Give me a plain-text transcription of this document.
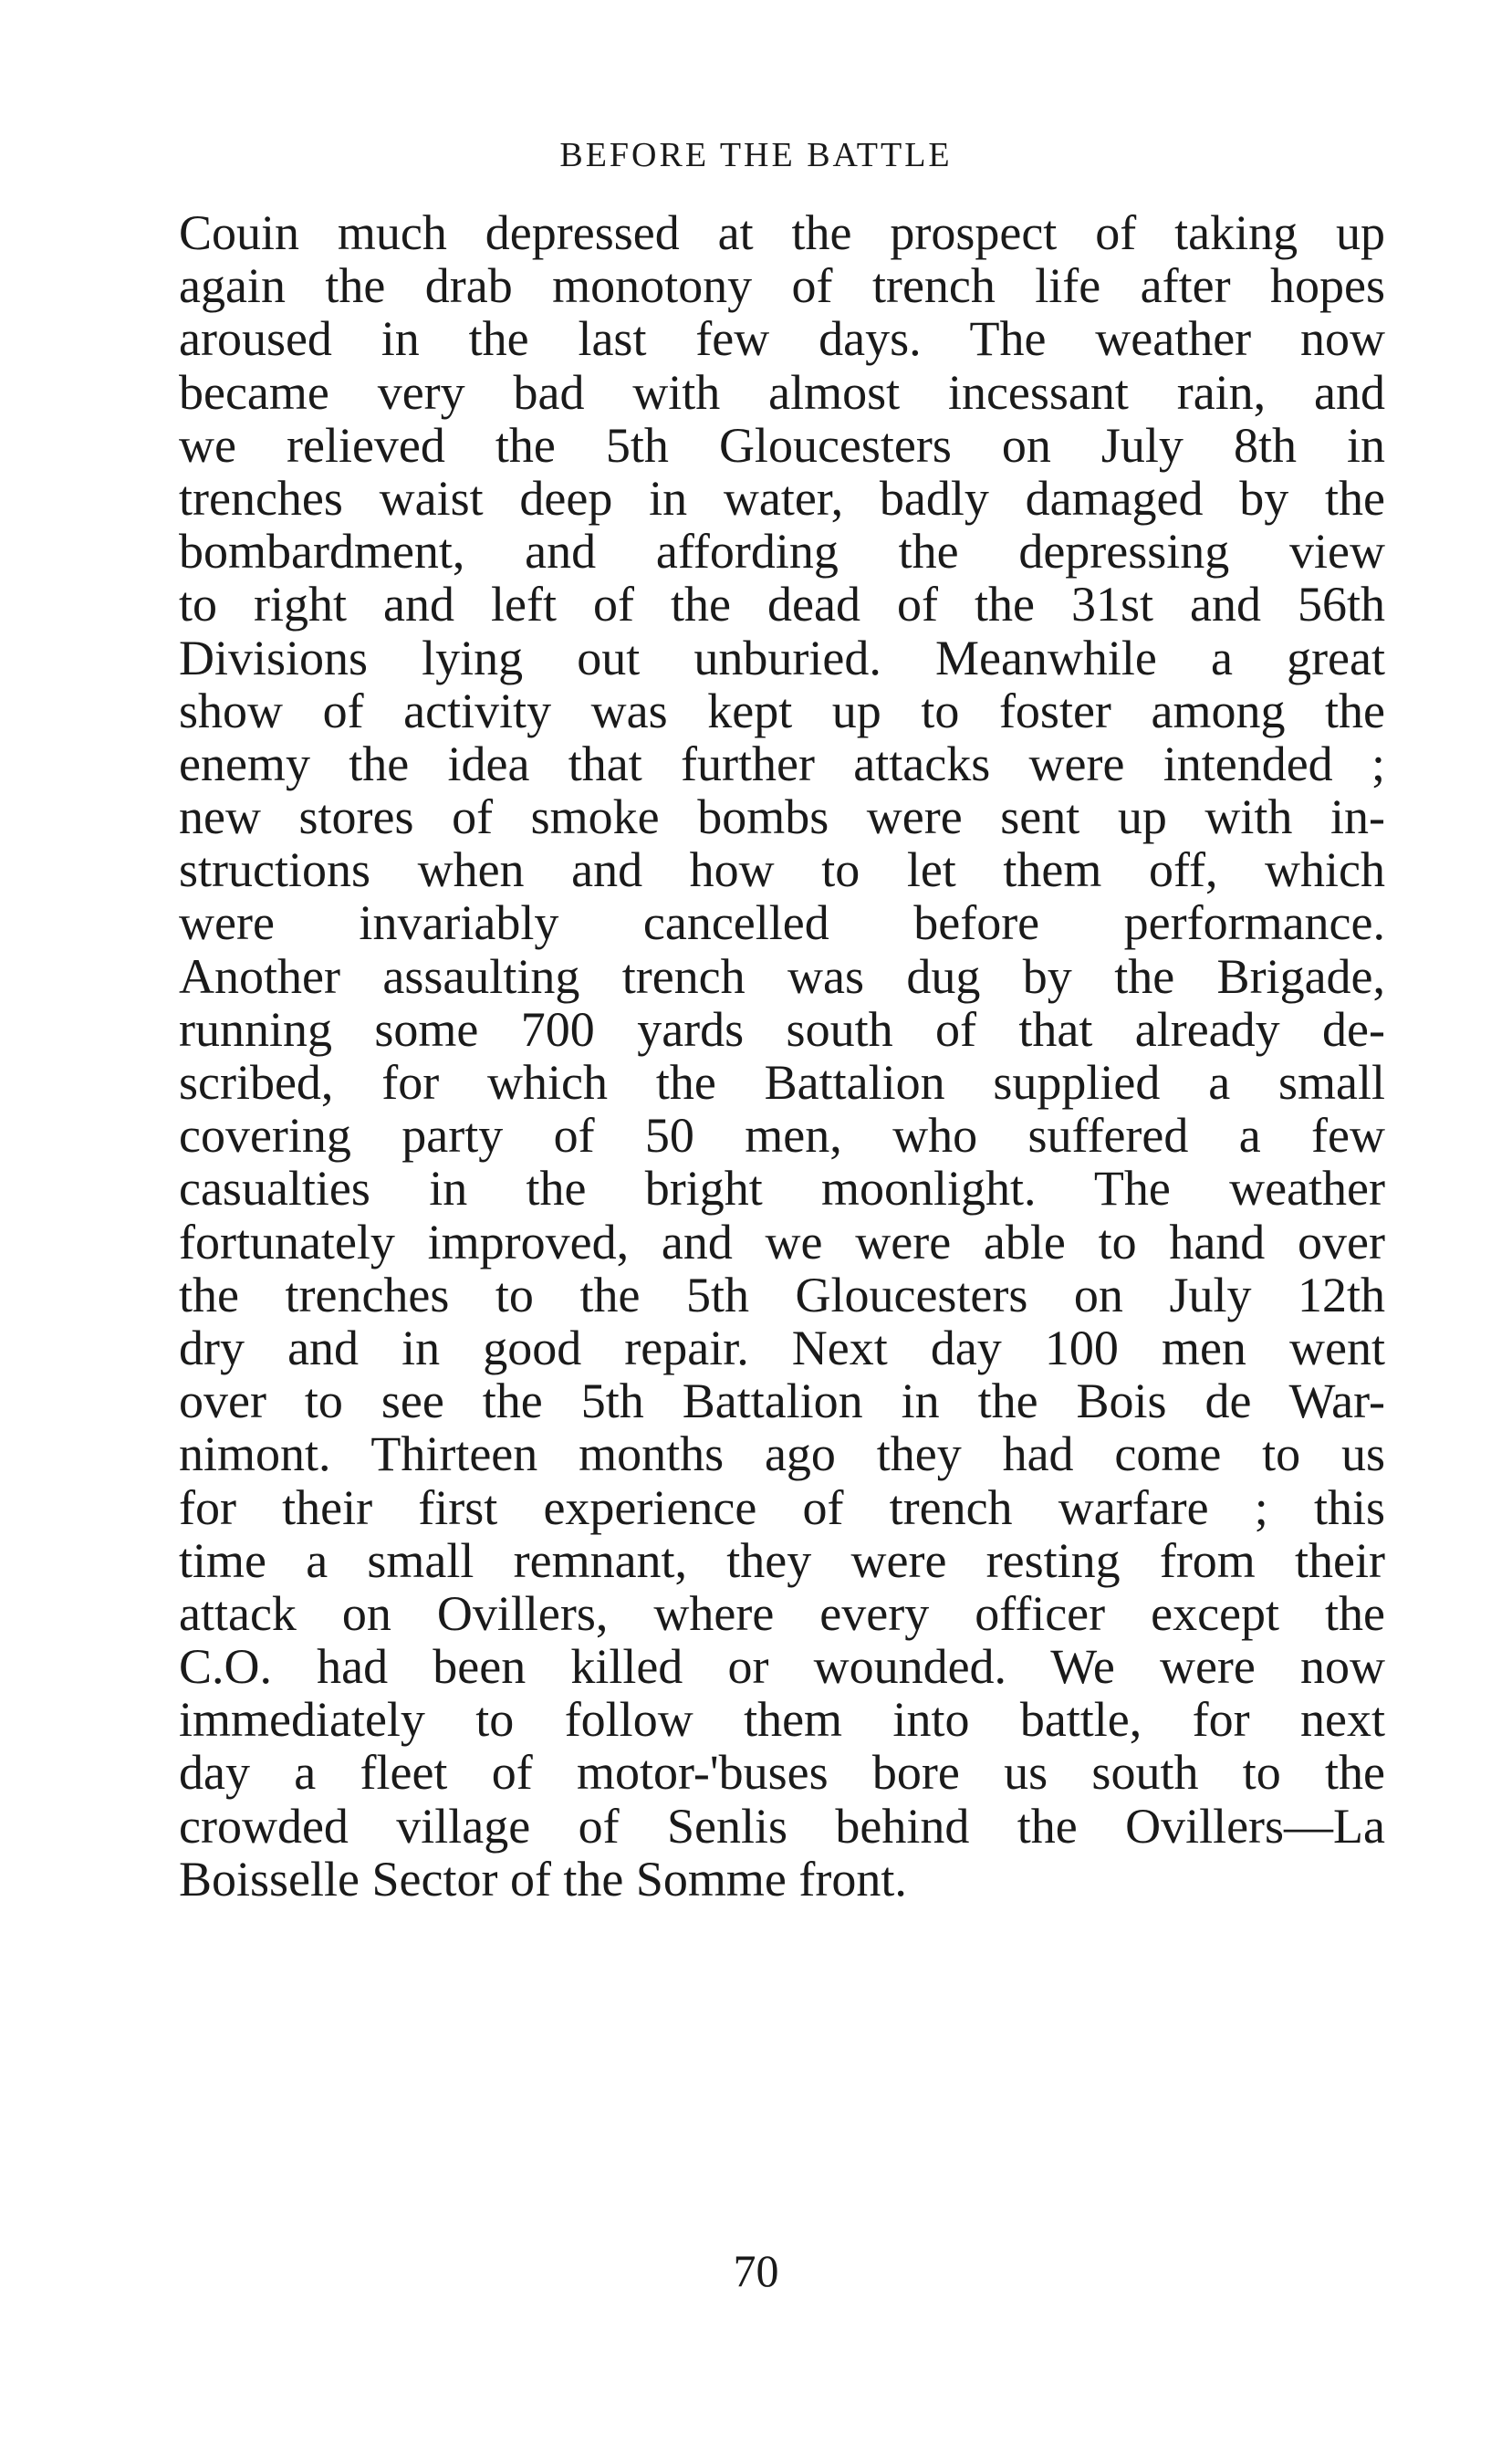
BEFORE THE BATTLE
Couin much depressed at the prospect of taking up
again the drab monotony of trench life after hopes
aroused in the last few days. The weather now
became very bad with almost incessant rain, and
we relieved the 5th Gloucesters on July 8th in
trenches waist deep in water, badly damaged by the
bombardment, and affording the depressing view
to right and left of the dead of the 31st and 56th
Divisions lying out unburied. Meanwhile a great
show of activity was kept up to foster among the
enemy the idea that further attacks were intended ;
new stores of smoke bombs were sent up with in-
structions when and how to let them off, which
were invariably cancelled before performance.
Another assaulting trench was dug by the Brigade,
running some 700 yards south of that already de-
scribed, for which the Battalion supplied a small
covering party of 50 men, who suffered a few
casualties in the bright moonlight. The weather
fortunately improved, and we were able to hand over
the trenches to the 5th Gloucesters on July 12th
dry and in good repair. Next day 100 men went
over to see the 5th Battalion in the Bois de War-
nimont. Thirteen months ago they had come to us
for their first experience of trench warfare ; this
time a small remnant, they were resting from their
attack on Ovillers, where every officer except the
C.O. had been killed or wounded. We were now
immediately to follow them into battle, for next
day a fleet of motor-'buses bore us south to the
crowded village of Senlis behind the Ovillers—La
Boisselle Sector of the Somme front.
70
